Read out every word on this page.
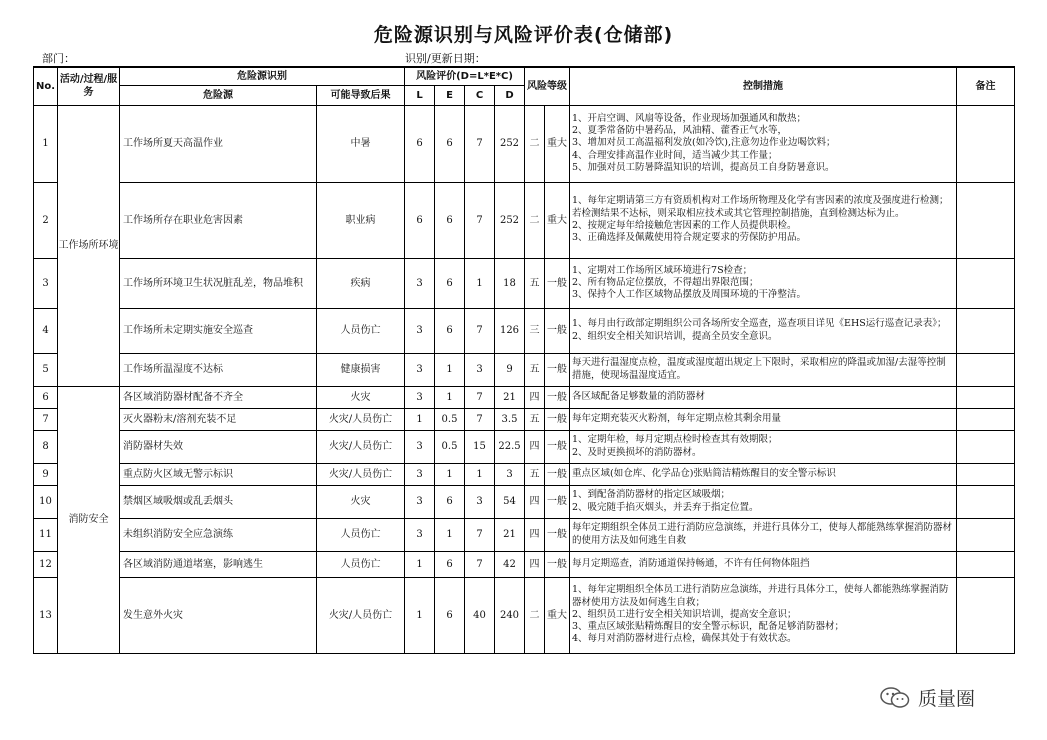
危险源识别与风险评价表(仓储部)
部门：	识别/更新日期：
No.	活动/过程/服务	危险源识别		风险评价(D=L*E*C)				风险等级		控制措施	备注
		危险源	可能导致后果	L	E	C	D				
1	工作场所环境	工作场所夏天高温作业	中暑	6	6	7	252	二	重大	1、开启空调、风扇等设备，作业现场加强通风和散热；
2、夏季常备防中暑药品，风油精、藿香正气水等，
3、增加对员工高温福利发放(如冷饮),注意勿边作业边喝饮料；
4、合理安排高温作业时间，适当减少其工作量；
5、加强对员工防暑降温知识的培训，提高员工自身防暑意识。	

2		工作场所存在职业危害因素	职业病	6	6	7	252	二	重大	1、每年定期请第三方有资质机构对工作场所物理及化学有害因素的浓度及强度进行检测；若检测结果不达标，则采取相应技术或其它管理控制措施，直到检测达标为止。
2、按规定每年给接触危害因素的工作人员提供职检。
3、正确选择及佩戴使用符合规定要求的劳保防护用品。	

3		工作场所环境卫生状况脏乱差，物品堆积	疾病	3	6	1	18	五	一般	1、定期对工作场所区域环境进行7S检查；
2、所有物品定位摆放，不得超出界限范围；
3、保持个人工作区域物品摆放及周围环境的干净整洁。	

4		工作场所未定期实施安全巡查	人员伤亡	3	6	7	126	三	一般	1、每月由行政部定期组织公司各场所安全巡查，巡查项目详见《EHS运行巡查记录表》；
2、组织安全相关知识培训，提高全员安全意识。	

5		工作场所温湿度不达标	健康损害	3	1	3	9	五	一般	每天进行温湿度点检，温度或湿度超出规定上下限时，采取相应的降温或加湿/去湿等控制措施，使现场温湿度适宜。	

6	消防安全	各区域消防器材配备不齐全	火灾	3	1	7	21	四	一般	各区域配备足够数量的消防器材	

7		灭火器粉末/溶剂充装不足	火灾/人员伤亡	1	0.5	7	3.5	五	一般	每年定期充装灭火粉剂，每年定期点检其剩余用量	

8		消防器材失效	火灾/人员伤亡	3	0.5	15	22.5	四	一般	1、定期年检，每月定期点检时检查其有效期限；
2、及时更换损坏的消防器材。	

9		重点防火区域无警示标识	火灾/人员伤亡	3	1	1	3	五	一般	重点区域(如仓库、化学品仓)张贴简洁精炼醒目的安全警示标识	

10		禁烟区域吸烟或乱丢烟头	火灾	3	6	3	54	四	一般	1、到配备消防器材的指定区域吸烟；
2、吸完随手掐灭烟头，并丢弃于指定位置。	

11		未组织消防安全应急演练	人员伤亡	3	1	7	21	四	一般	每年定期组织全体员工进行消防应急演练，并进行具体分工，使每人都能熟练掌握消防器材的使用方法及如何逃生自救	

12		各区域消防通道堵塞，影响逃生	人员伤亡	1	6	7	42	四	一般	每月定期巡查，消防通道保持畅通，不许有任何物体阻挡	

13		发生意外火灾	火灾/人员伤亡	1	6	40	240	二	重大	1、每年定期组织全体员工进行消防应急演练，并进行具体分工，使每人都能熟练掌握消防器材使用方法及如何逃生自救；
2、组织员工进行安全相关知识培训，提高安全意识；
3、重点区域张贴精炼醒目的安全警示标识，配备足够消防器材；
4、每月对消防器材进行点检，确保其处于有效状态。	

质量圈
